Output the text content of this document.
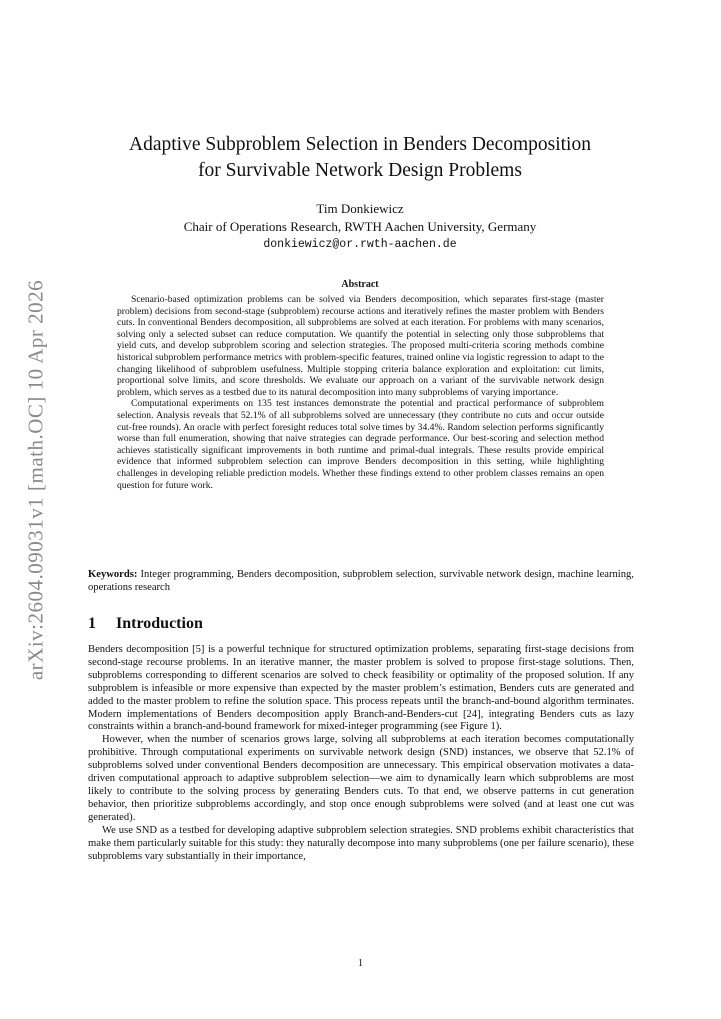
arXiv:2604.09031v1 [math.OC] 10 Apr 2026
Adaptive Subproblem Selection in Benders Decomposition
for Survivable Network Design Problems
Tim Donkiewicz
Chair of Operations Research, RWTH Aachen University, Germany
donkiewicz@or.rwth-aachen.de
Abstract

Scenario-based optimization problems can be solved via Benders decomposition, which separates first-stage (master problem) decisions from second-stage (subproblem) recourse actions and iteratively refines the master problem with Benders cuts. In conventional Benders decomposition, all subproblems are solved at each iteration. For problems with many scenarios, solving only a selected subset can reduce computation. We quantify the potential in selecting only those subproblems that yield cuts, and develop subproblem scoring and selection strategies. The proposed multi-criteria scoring methods combine historical subproblem performance metrics with problem-specific features, trained online via logistic regression to adapt to the changing likelihood of subproblem usefulness. Multiple stopping criteria balance exploration and exploitation: cut limits, proportional solve limits, and score thresholds. We evaluate our approach on a variant of the survivable network design problem, which serves as a testbed due to its natural decomposition into many subproblems of varying importance.

Computational experiments on 135 test instances demonstrate the potential and practical performance of subproblem selection. Analysis reveals that 52.1% of all subproblems solved are unnecessary (they contribute no cuts and occur outside cut-free rounds). An oracle with perfect foresight reduces total solve times by 34.4%. Random selection performs significantly worse than full enumeration, showing that naive strategies can degrade performance. Our best-scoring and selection method achieves statistically significant improvements in both runtime and primal-dual integrals. These results provide empirical evidence that informed subproblem selection can improve Benders decomposition in this setting, while highlighting challenges in developing reliable prediction models. Whether these findings extend to other problem classes remains an open question for future work.

Keywords: Integer programming, Benders decomposition, subproblem selection, survivable network design, machine learning, operations research
1 Introduction

Benders decomposition [5] is a powerful technique for structured optimization problems, separating first-stage decisions from second-stage recourse problems. In an iterative manner, the master problem is solved to propose first-stage solutions. Then, subproblems corresponding to different scenarios are solved to check feasibility or optimality of the proposed solution. If any subproblem is infeasible or more expensive than expected by the master problem’s estimation, Benders cuts are generated and added to the master problem to refine the solution space. This process repeats until the branch-and-bound algorithm terminates. Modern implementations of Benders decomposition apply Branch-and-Benders-cut [24], integrating Benders cuts as lazy constraints within a branch-and-bound framework for mixed-integer programming (see Figure 1).

However, when the number of scenarios grows large, solving all subproblems at each iteration becomes computationally prohibitive. Through computational experiments on survivable network design (SND) instances, we observe that 52.1% of subproblems solved under conventional Benders decomposition are unnecessary. This empirical observation motivates a data-driven computational approach to adaptive subproblem selection—we aim to dynamically learn which subproblems are most likely to contribute to the solving process by generating Benders cuts. To that end, we observe patterns in cut generation behavior, then prioritize subproblems accordingly, and stop once enough subproblems were solved (and at least one cut was generated).

We use SND as a testbed for developing adaptive subproblem selection strategies. SND problems exhibit characteristics that make them particularly suitable for this study: they naturally decompose into many subproblems (one per failure scenario), these subproblems vary substantially in their importance,

1
